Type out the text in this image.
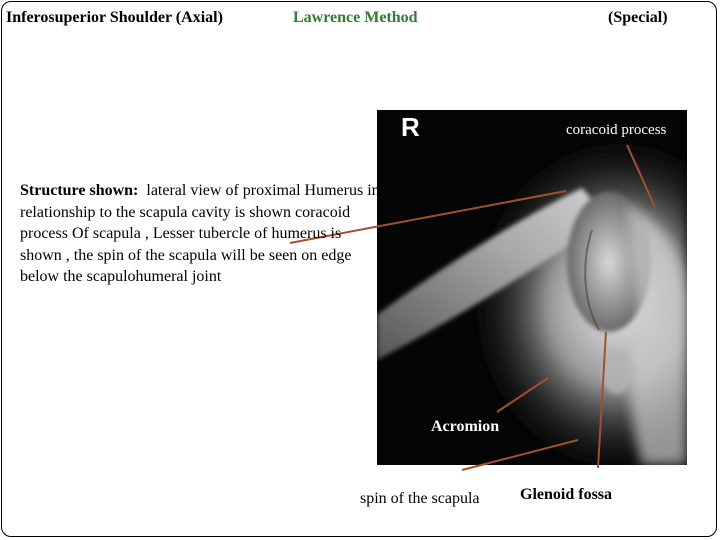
Inferosuperior Shoulder (Axial)	Lawrence Method	(Special)
R	coracoid process
Acromion
spin of the scapula	Glenoid fossa
Structure shown: lateral view of proximal Humerus in relationship to the scapula cavity is shown coracoid process Of scapula , Lesser tubercle of humerus is shown , the spin of the scapula will be seen on edge below the scapulohumeral joint
